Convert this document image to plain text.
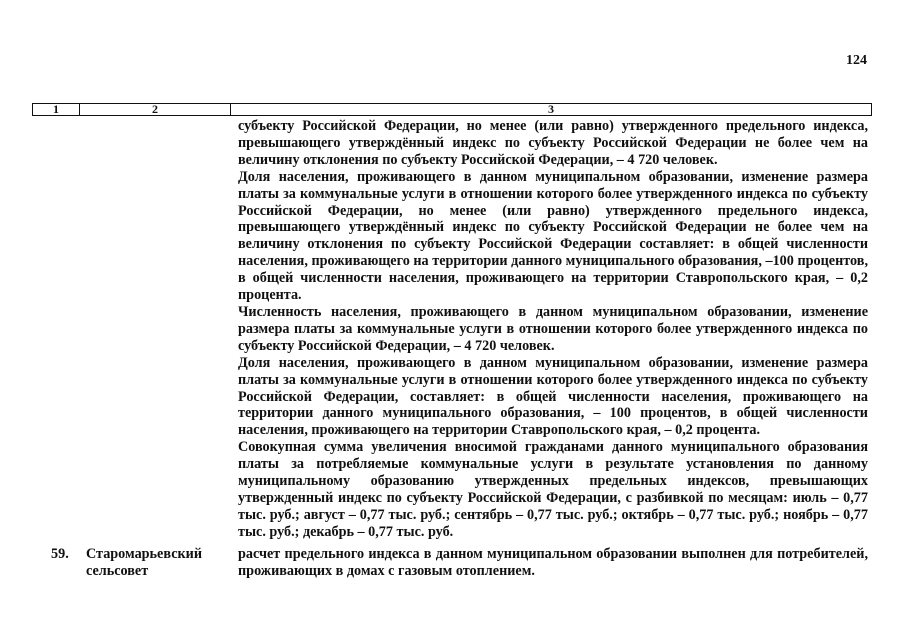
124
1	2	3

субъекту Российской Федерации, но менее (или равно) утвержденного предельного индекса, превышающего утверждённый индекс по субъекту Российской Федерации не более чем на величину отклонения по субъекту Российской Федерации, – 4 720 человек.

Доля населения, проживающего в данном муниципальном образовании, изменение размера платы за коммунальные услуги в отношении которого более утвержденного индекса по субъекту Российской Федерации, но менее (или равно) утвержденного предельного индекса, превышающего утверждённый индекс по субъекту Российской Федерации не более чем на величину отклонения по субъекту Российской Федерации составляет: в общей численности населения, проживающего на территории данного муниципального образования, –100 процентов, в общей численности населения, проживающего на территории Ставропольского края, – 0,2 процента.

Численность населения, проживающего в данном муниципальном образовании, изменение размера платы за коммунальные услуги в отношении которого более утвержденного индекса по субъекту Российской Федерации, – 4 720 человек.

Доля населения, проживающего в данном муниципальном образовании, изменение размера платы за коммунальные услуги в отношении которого более утвержденного индекса по субъекту Российской Федерации, составляет: в общей численности населения, проживающего на территории данного муниципального образования, – 100 процентов, в общей численности населения, проживающего на территории Ставропольского края, – 0,2 процента.

Совокупная сумма увеличения вносимой гражданами данного муниципального образования платы за потребляемые коммунальные услуги в результате установления по данному муниципальному образованию утвержденных предельных индексов, превышающих утвержденный индекс по субъекту Российской Федерации, с разбивкой по месяцам: июль – 0,77 тыс. руб.; август – 0,77 тыс. руб.; сентябрь – 0,77 тыс. руб.; октябрь – 0,77 тыс. руб.; ноябрь – 0,77 тыс. руб.; декабрь – 0,77 тыс. руб.

59. Старомарьевский сельсовет
расчет предельного индекса в данном муниципальном образовании выполнен для потребителей, проживающих в домах с газовым отоплением.
